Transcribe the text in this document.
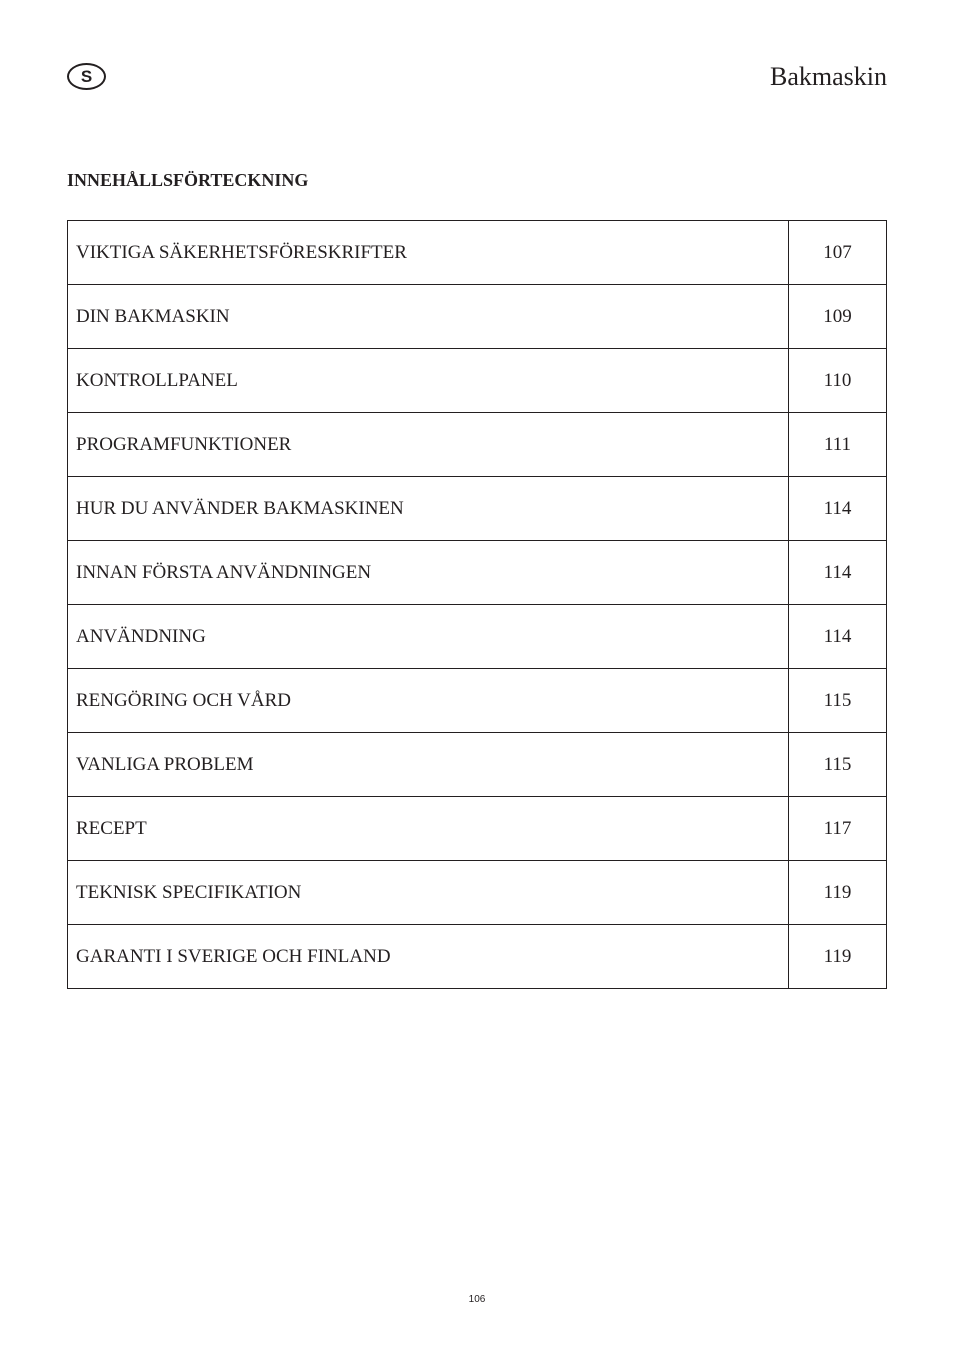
S	Bakmaskin
INNEHÅLLSFÖRTECKNING
VIKTIGA SÄKERHETSFÖRESKRIFTER	107
DIN BAKMASKIN	109
KONTROLLPANEL	110
PROGRAMFUNKTIONER	111
HUR DU ANVÄNDER BAKMASKINEN	114
INNAN FÖRSTA ANVÄNDNINGEN	114
ANVÄNDNING	114
RENGÖRING OCH VÅRD	115
VANLIGA PROBLEM	115
RECEPT	117
TEKNISK SPECIFIKATION	119
GARANTI I SVERIGE OCH FINLAND	119
106
